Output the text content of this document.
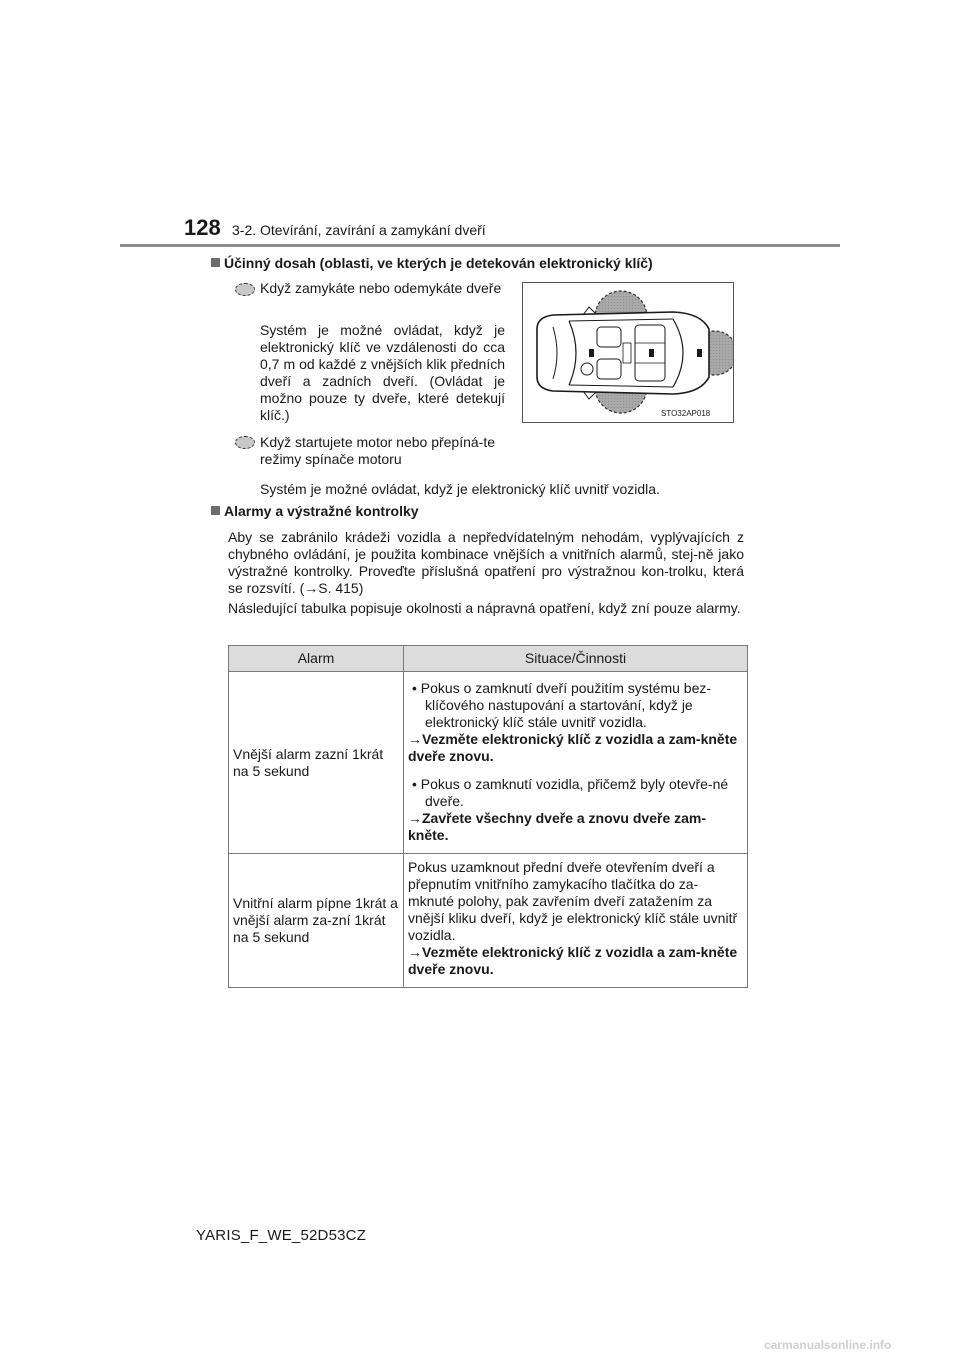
128 3-2. Otevírání, zavírání a zamykání dveří
Účinný dosah (oblasti, ve kterých je detekován elektronický klíč)
Když zamykáte nebo odemykáte dveře
Systém je možné ovládat, když je elektronický klíč ve vzdálenosti do cca 0,7 m od každé z vnějších klik předních dveří a zadních dveří. (Ovládat je možno pouze ty dveře, které detekují klíč.)
Když startujete motor nebo přepíná-te režimy spínače motoru
Systém je možné ovládat, když je elektronický klíč uvnitř vozidla.
STO32AP018
Alarmy a výstražné kontrolky
Aby se zabránilo krádeži vozidla a nepředvídatelným nehodám, vyplývajících z chybného ovládání, je použita kombinace vnějších a vnitřních alarmů, stej-ně jako výstražné kontrolky. Proveďte příslušná opatření pro výstražnou kon-trolku, která se rozsvítí. (→S. 415)
Následující tabulka popisuje okolnosti a nápravná opatření, když zní pouze alarmy.
Alarm	Situace/Činnosti
Vnější alarm zazní 1krát na 5 sekund	• Pokus o zamknutí dveří použitím systému bez-klíčového nastupování a startování, když je elektronický klíč stále uvnitř vozidla.
→Vezměte elektronický klíč z vozidla a zam-kněte dveře znovu.
• Pokus o zamknutí vozidla, přičemž byly otevře-né dveře.
→Zavřete všechny dveře a znovu dveře zam-kněte.

Vnitřní alarm pípne 1krát a vnější alarm za-zní 1krát na 5 sekund	Pokus uzamknout přední dveře otevřením dveří a přepnutím vnitřního zamykacího tlačítka do za-mknuté polohy, pak zavřením dveří zatažením za vnější kliku dveří, když je elektronický klíč stále uvnitř vozidla.
→Vezměte elektronický klíč z vozidla a zam-kněte dveře znovu.
YARIS_F_WE_52D53CZ
carmanualsonline.info
